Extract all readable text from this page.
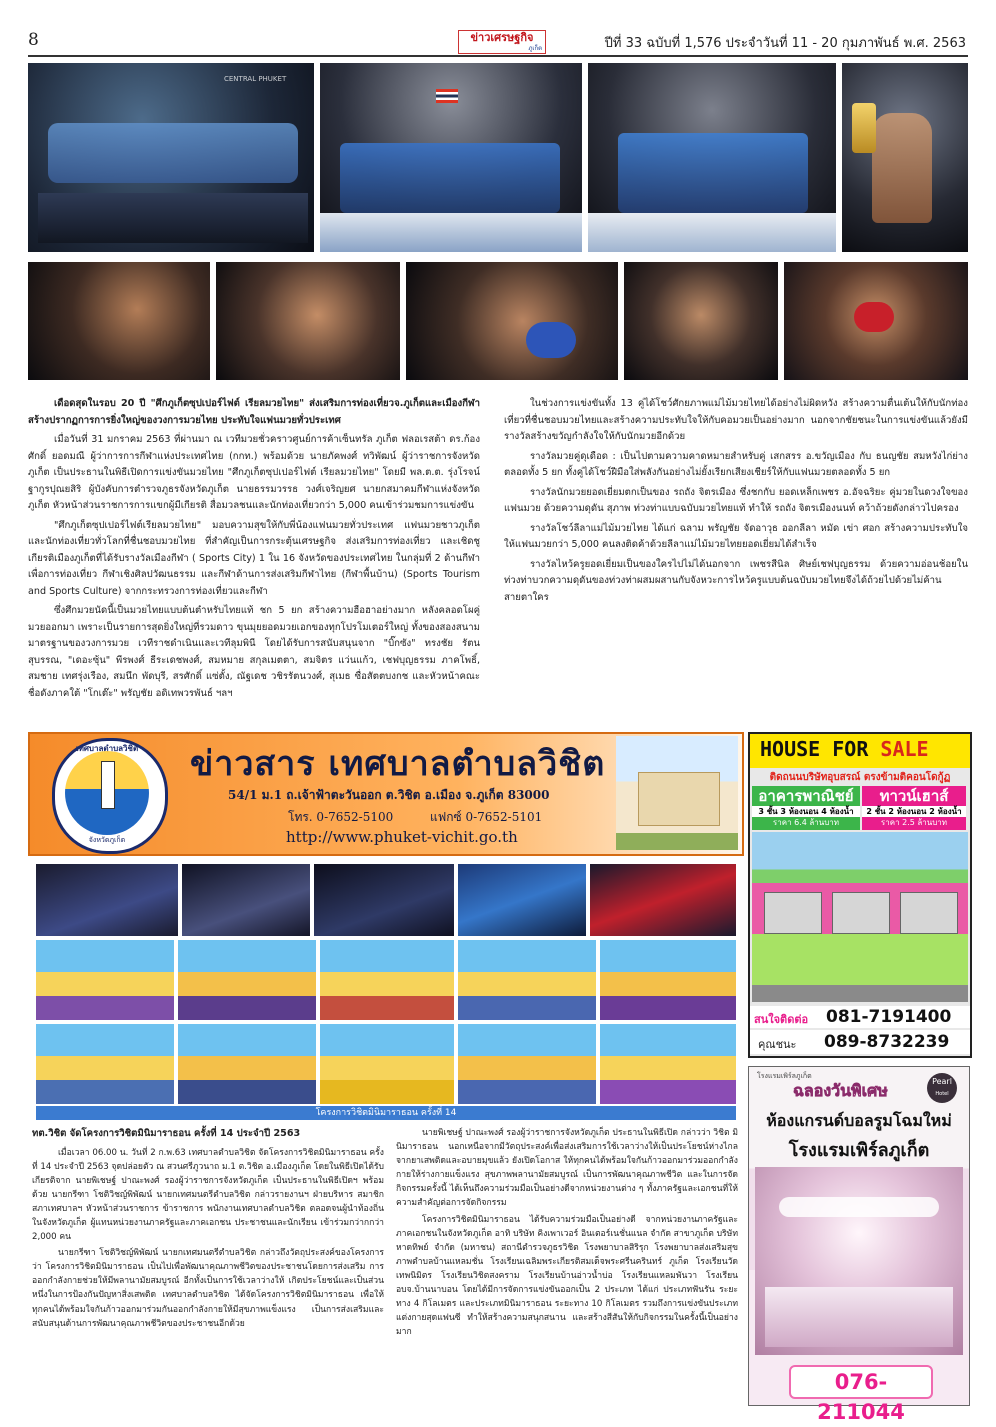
8	ข่าวเศรษฐกิจ
ภูเก็ต	ปีที่ 33 ฉบับที่ 1,576 ประจำวันที่ 11 - 20 กุมภาพันธ์ พ.ศ. 2563
CENTRAL PHUKET

เดือดสุดในรอบ 20 ปี "ศึกภูเก็ตซุปเปอร์ไฟต์ เรียลมวยไทย" ส่งเสริมการท่องเที่ยวจ.ภูเก็ตและเมืองกีฬา สร้างปรากฏการการยิ่งใหญ่ของวงการมวยไทย ประทับใจแฟนมวยทั่วประเทศ

เมื่อวันที่ 31 มกราคม 2563 ที่ผ่านมา ณ เวทีมวยชั่วคราวศูนย์การค้าเซ็นทรัล ภูเก็ต ฟลอเรสต้า ดร.ก้องศักดิ์ ยอดมณี ผู้ว่าการการกีฬาแห่งประเทศไทย (กกท.) พร้อมด้วย นายภัคพงศ์ ทวิพัฒน์ ผู้ว่าราชการจังหวัดภูเก็ต เป็นประธานในพิธีเปิดการแข่งขันมวยไทย "ศึกภูเก็ตซุปเปอร์ไฟต์ เรียลมวยไทย" โดยมี พล.ต.ต. รุ่งโรจน์ ฐากูรปุณยสิริ ผู้บังคับการตำรวจภูธรจังหวัดภูเก็ต นายธรรมวรรธ วงศ์เจริญยศ นายกสมาคมกีฬาแห่งจังหวัดภูเก็ต หัวหน้าส่วนราชการการแขกผู้มีเกียรติ สื่อมวลชนและนักท่องเที่ยวกว่า 5,000 คนเข้าร่วมชมการแข่งขัน

"ศึกภูเก็ตซุปเปอร์ไฟต์เรียลมวยไทย" มอบความสุขให้กับพี่น้องแฟนมวยทั่วประเทศ แฟนมวยชาวภูเก็ตและนักท่องเที่ยวทั่วโลกที่ชื่นชอบมวยไทย ที่สำคัญเป็นการกระตุ้นเศรษฐกิจ ส่งเสริมการท่องเที่ยว และเชิดชูเกียรติเมืองภูเก็ตที่ได้รับรางวัลเมืองกีฬา ( Sports City) 1 ใน 16 จังหวัดของประเทศไทย ในกลุ่มที่ 2 ด้านกีฬาเพื่อการท่องเที่ยว กีฬาเชิงศิลปวัฒนธรรม และกีฬาด้านการส่งเสริมกีฬาไทย (กีฬาพื้นบ้าน) (Sports Tourism and Sports Culture) จากกระทรวงการท่องเที่ยวและกีฬา

ซึ่งศึกมวยนัดนี้เป็นมวยไทยแบบต้นตำหรับไทยแท้ ชก 5 ยก สร้างความฮือฮาอย่างมาก หลังคลอดโผคู่มวยออกมา เพราะเป็นรายการสุดยิ่งใหญ่ที่รวมดาว ขุนมุยยอดมวยเอกของทุกโปรโมเตอร์ใหญ่ ทั้งของสองสนามมาตรฐานของวงการมวย เวทีราชดำเนินและเวทีลุมพินี โดยได้รับการสนับสนุนจาก "บิ๊กซัง" ทรงชัย รัตนสุบรรณ, "เดอะซุ้น" พีรพงศ์ ธีระเดชพงศ์, สมหมาย สกุลเมตตา, สมจิตร แว่นแก้ว, เชฟบุญธรรม ภาคโพธิ์, สมชาย เทศรุ่งเรือง, สมนึก พัดบุรี, สรศักดิ์ แซ่ตั้ง, ณัฐเดช วชิรรัตนวงศ์, สุเมธ ซื่อสัตตบงกช และหัวหน้าคณะชื่อดังภาคใต้ "โกเต๊ะ" พรัญชัย อดิเทพวรพันธ์ ฯลฯ

ในช่วงการแข่งขันทั้ง 13 คู่ได้โชว์ศักยภาพแม่ไม้มวยไทยได้อย่างไม่ผิดหวัง สร้างความตื่นเต้นให้กับนักท่องเที่ยวที่ชื่นชอบมวยไทยและสร้างความประทับใจให้กับคอมวยเป็นอย่างมาก นอกจากชัยชนะในการแข่งขันแล้วยังมีรางวัลสร้างขวัญกำลังใจให้กับนักมวยอีกด้วย

รางวัลมวยคู่ดุเดือด : เป็นไปตามความคาดหมายสำหรับคู่ เสกสรร อ.ขวัญเมือง กับ ธนญชัย สมหวังไก่ย่าง ตลอดทั้ง 5 ยก ทั้งคู่ได้โชว์ฝีมือใส่พลังกันอย่างไม่ยั้งเรียกเสียงเชียร์ให้กับแฟนมวยตลอดทั้ง 5 ยก

รางวัลนักมวยยอดเยี่ยมตกเป็นของ รถถัง จิตรเมือง ซึ่งชกกับ ยอดเหล็กเพชร อ.อัจฉริยะ คู่มวยในดวงใจของแฟนมวย ด้วยความดุดัน สุภาพ ท่วงท่าแบบฉบับมวยไทยแท้ ทำให้ รถถัง จิตรเมืองนนท์ คว้าถ้วยดังกล่าวไปครอง

รางวัลโชว์ลีลาแม่ไม้มวยไทย ได้แก่ ฉลาม พรัญชัย จัดอาวุธ ออกลีลา หมัด เข่า ศอก สร้างความประทับใจให้แฟนมวยกว่า 5,000 คนลงติดค้าด้วยลีลาแม่ไม้มวยไทยยอดเยี่ยมได้สำเร็จ

รางวัลไหว้ครูยอดเยี่ยมเป็นของใครไปไม่ได้นอกจาก เพชรสีนิล ศิษย์เชฟบุญธรรม ด้วยความอ่อนช้อยในท่วงท่าบวกความดุดันของท่วงท่าผสมผสานกับจังหวะการไหว้ครูแบบต้นฉบับมวยไทยจึงได้ถ้วยไปด้วยไม่ค้านสายตาใคร

เทศบาลตำบลวิชิต
จังหวัดภูเก็ต
ข่าวสาร เทศบาลตำบลวิชิต
54/1 ม.1 ถ.เจ้าฟ้าตะวันออก ต.วิชิต อ.เมือง จ.ภูเก็ต 83000
โทร. 0-7652-5100	แฟกซ์ 0-7652-5101
http://www.phuket-vichit.go.th
โครงการวิชิตมินิมาราธอน ครั้งที่ 14

ทต.วิชิต จัดโครงการวิชิตมินิมาราธอน ครั้งที่ 14 ประจำปี 2563

เมื่อเวลา 06.00 น. วันที่ 2 ก.พ.63 เทศบาลตำบลวิชิต จัดโครงการวิชิตมินิมาราธอน ครั้งที่ 14 ประจำปี 2563 จุดปล่อยตัว ณ สวนศรีภูวนาถ ม.1 ต.วิชิต อ.เมืองภูเก็ต โดยในพิธีเปิดได้รับเกียรติจาก นายพิเชษฐ์ ปาณะพงศ์ รองผู้ว่าราชการจังหวัดภูเก็ต เป็นประธานในพิธีเปิดฯ พร้อมด้วย นายกรีฑา โชติวิชญ์พิพัฒน์ นายกเทศมนตรีตำบลวิชิต กล่าวรายงานฯ ฝ่ายบริหาร สมาชิกสภาเทศบาลฯ หัวหน้าส่วนราชการ ข้าราชการ พนักงานเทศบาลตำบลวิชิต ตลอดจนผู้นำท้องถิ่นในจังหวัดภูเก็ต ผู้แทนหน่วยงานภาครัฐและภาคเอกชน ประชาชนและนักเรียน เข้าร่วมกว่ากกว่า 2,000 คน

นายกรีฑา โชติวิชญ์พิพัฒน์ นายกเทศมนตรีตำบลวิชิต กล่าวถึงวัตถุประสงค์ของโครงการว่า โครงการวิชิตมินิมาราธอน เป็นไปเพื่อพัฒนาคุณภาพชีวิตของประชาชนโดยการส่งเสริม การออกกำลังกายช่วยให้มีพลานามัยสมบูรณ์ อีกทั้งเป็นการใช้เวลาว่างให้ เกิดประโยชน์และเป็นส่วนหนึ่งในการป้องกันปัญหาสิ่งเสพติด เทศบาลตำบลวิชิต ได้จัดโครงการวิชิตมินิมาราธอน เพื่อให้ทุกคนได้พร้อมใจกันก้าวออกมาร่วมกันออกกำลังกายให้มีสุขภาพแข็งแรง เป็นการส่งเสริมและสนับสนุนด้านการพัฒนาคุณภาพชีวิตของประชาชนอีกด้วย

นายพิเชษฐ์ ปาณะพงศ์ รองผู้ว่าราชการจังหวัดภูเก็ต ประธานในพิธีเปิด กล่าวว่า วิชิต มินิมาราธอน นอกเหนือจากมีวัตถุประสงค์เพื่อส่งเสริมการใช้เวลาว่างให้เป็นประโยชน์ห่างไกลจากยาเสพติดและอบายมุขแล้ว ยังเปิดโอกาส ให้ทุกคนได้พร้อมใจกันก้าวออกมาร่วมออกกำลังกายให้ร่างกายแข็งแรง สุขภาพพลานามัยสมบูรณ์ เป็นการพัฒนาคุณภาพชีวิต และในการจัดกิจกรรมครั้งนี้ ได้เห็นถึงความร่วมมือเป็นอย่างดีจากหน่วยงานต่าง ๆ ทั้งภาครัฐและเอกชนที่ให้ความสำคัญต่อการจัดกิจกรรม

โครงการวิชิตมินิมาราธอน ได้รับความร่วมมือเป็นอย่างดี จากหน่วยงานภาครัฐและภาคเอกชนในจังหวัดภูเก็ต อาทิ บริษัท คิงเพาเวอร์ อินเตอร์เนชั่นแนล จำกัด สาขาภูเก็ต บริษัท หาดทิพย์ จำกัด (มหาชน) สถานีตำรวจภูธรวิชิต โรงพยาบาลสิริรุก โรงพยาบาลส่งเสริมสุขภาพตำบลบ้านแหลมชั่น โรงเรียนเฉลิมพระเกียรติสมเด็จพระศรีนครินทร์ ภูเก็ต โรงเรียนวัดเทพนิมิตร โรงเรียนวิชิตสงคราม โรงเรียนบ้านอ่าวน้ำบ่อ โรงเรียนแหลมพันวา โรงเรียน อบจ.บ้านนาบอน โดยได้มีการจัดการแข่งขันออกเป็น 2 ประเภท ได้แก่ ประเภทฟันรัน ระยะทาง 4 กิโลเมตร และประเภทมินิมาราธอน ระยะทาง 10 กิโลเมตร รวมถึงการแข่งขันประเภทแต่งกายสุดแฟนซี ทำให้สร้างความสนุกสนาน และสร้างสีสันให้กับกิจกรรมในครั้งนี้เป็นอย่างมาก

HOUSE FOR SALE
ติดถนนบริษัทอุบสรณ์ ตรงข้ามติคอนโดกู้ฏ
อาคารพาณิชย์
3 ชั้น 3 ห้องนอน 4 ห้องน้ำ
ราคา 6.4 ล้านบาท
ทาวน์เฮาส์
2 ชั้น 2 ห้องนอน 2 ห้องน้ำ
ราคา 2.5 ล้านบาท
สนใจติดต่อ 081-7191400
คุณชนะ 089-8732239
โรงแรมเพิร์ลภูเก็ต
ฉลองวันพิเศษ	Pearl
Hotel
ห้องแกรนด์บอลรูมโฉมใหม่
โรงแรมเพิร์ลภูเก็ต
076-211044
